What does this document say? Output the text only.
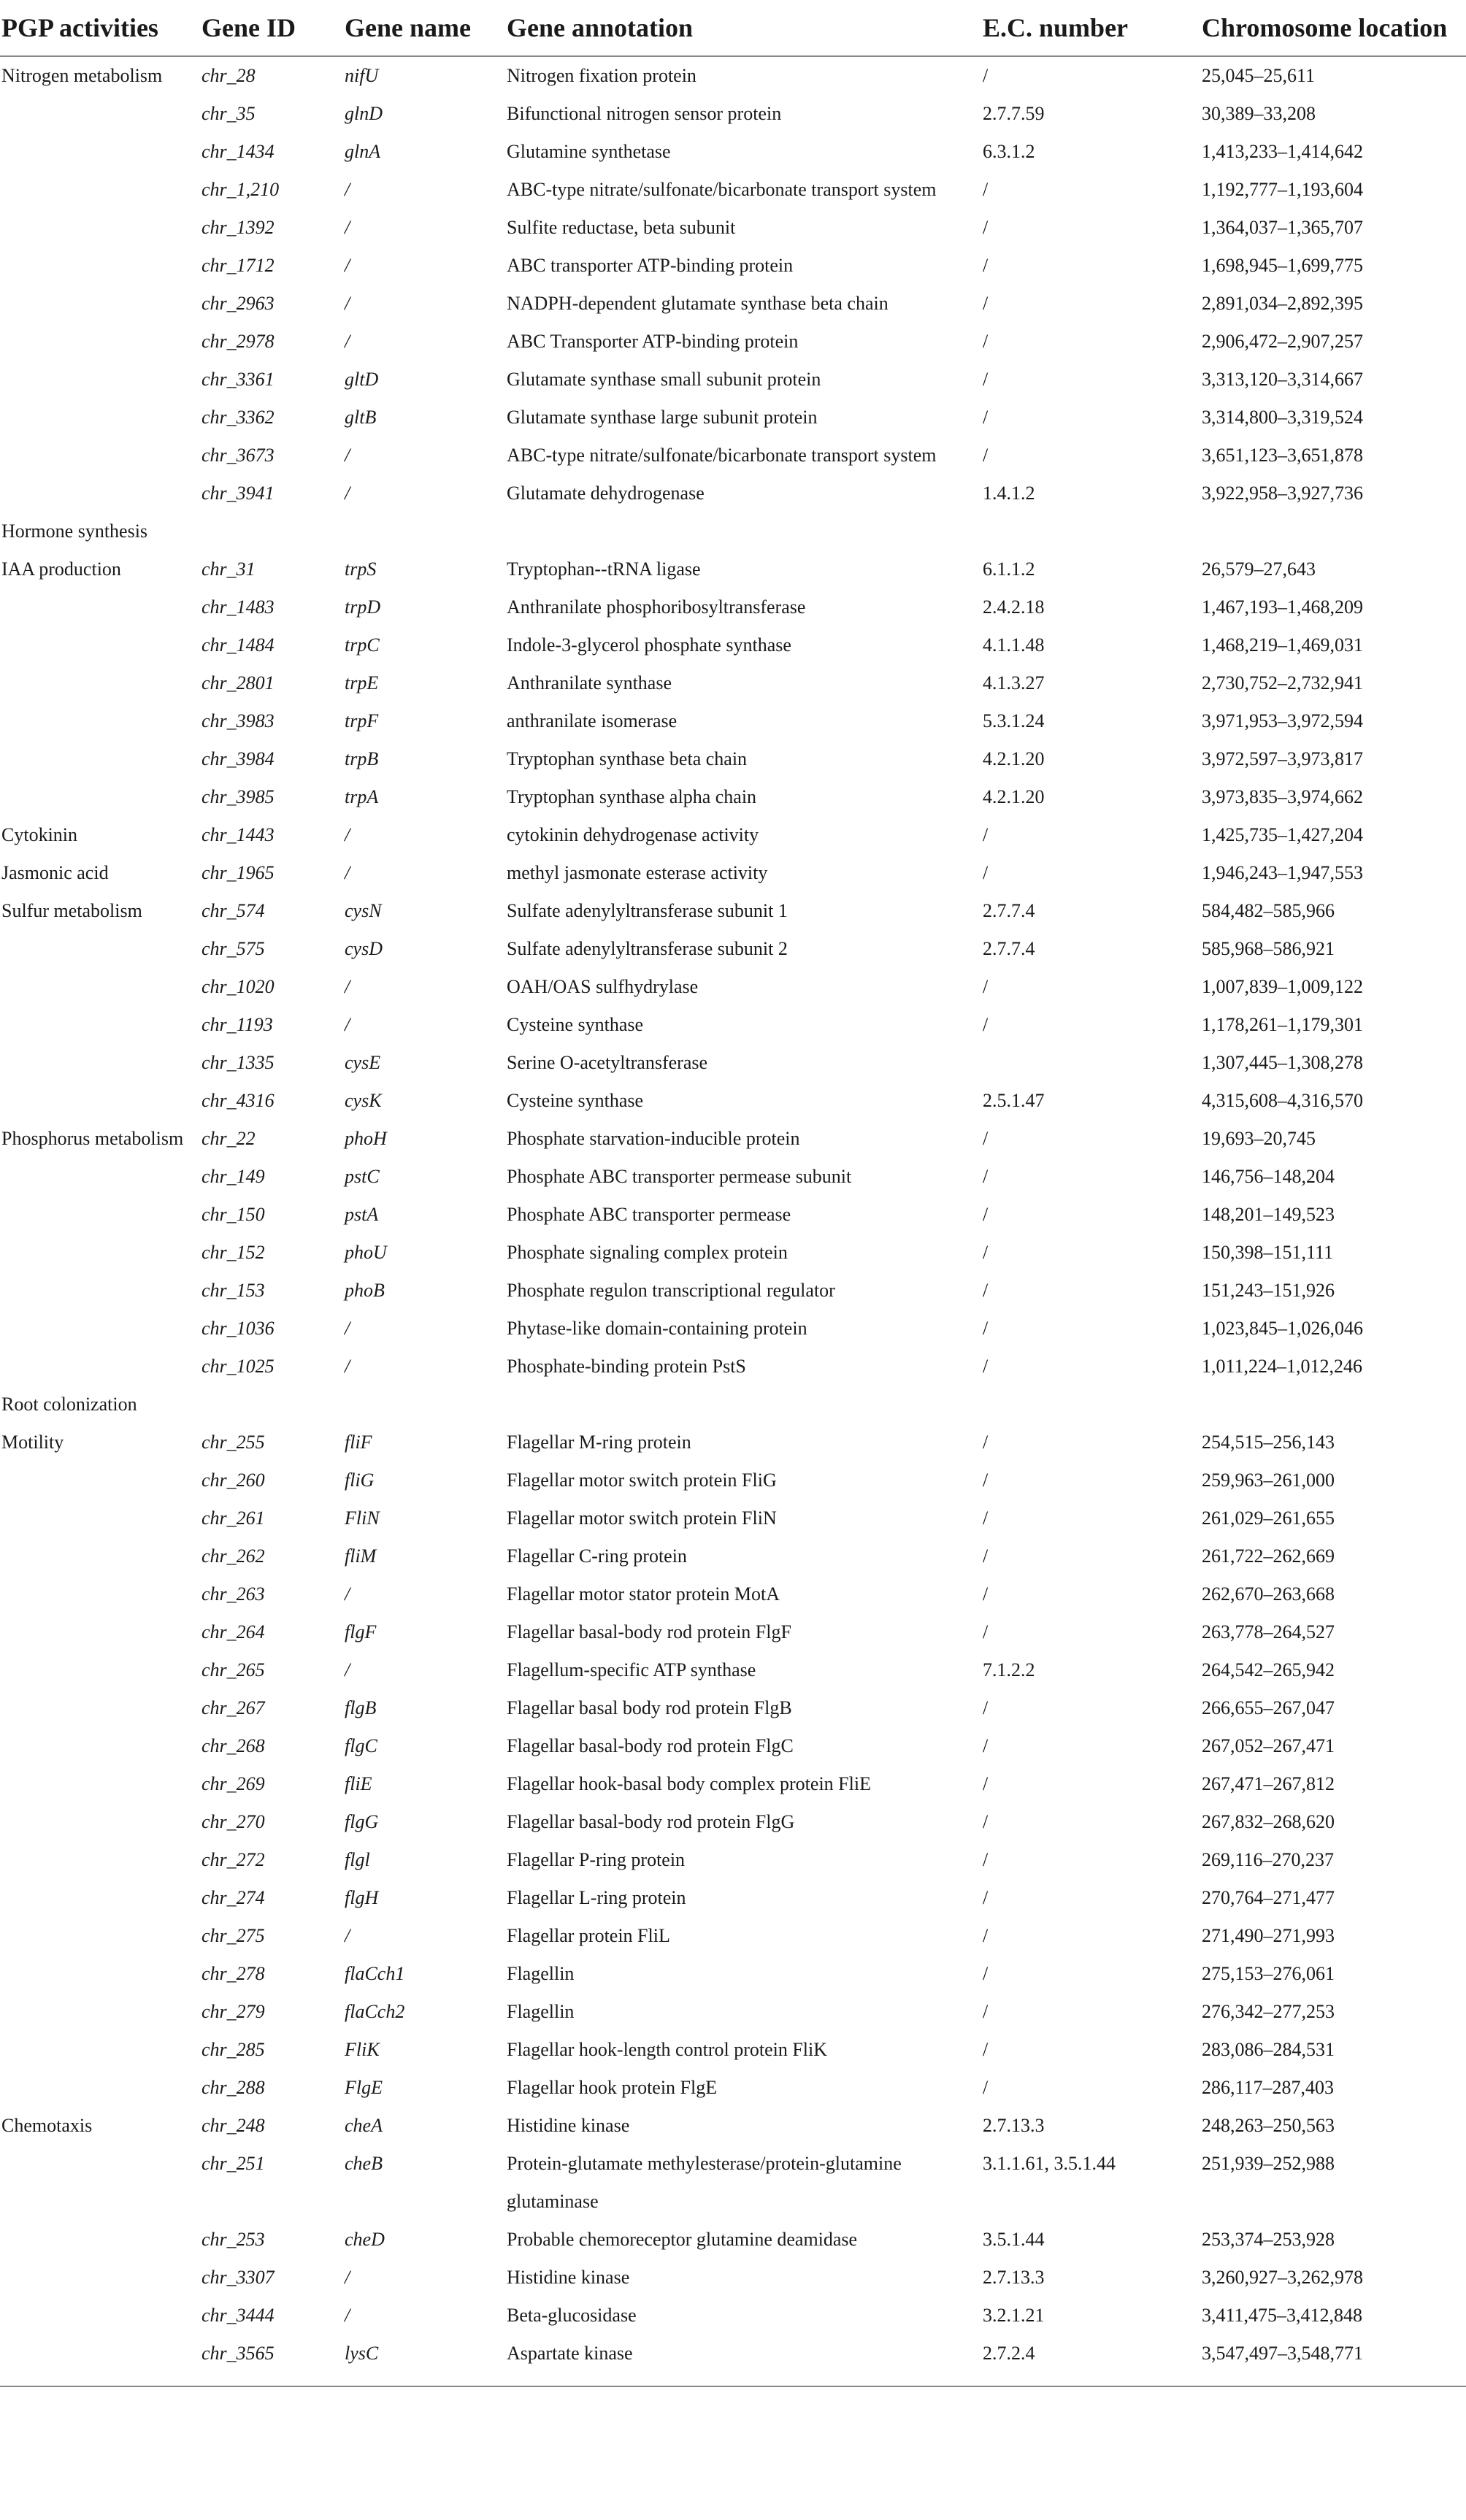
PGP activities	Gene ID	Gene name	Gene annotation	E.C. number	Chromosome location
Nitrogen metabolism	chr_28	nifU	Nitrogen fixation protein	/	25,045–25,611
	chr_35	glnD	Bifunctional nitrogen sensor protein	2.7.7.59	30,389–33,208
	chr_1434	glnA	Glutamine synthetase	6.3.1.2	1,413,233–1,414,642
	chr_1,210	/	ABC-type nitrate/sulfonate/bicarbonate transport system	/	1,192,777–1,193,604
	chr_1392	/	Sulfite reductase, beta subunit	/	1,364,037–1,365,707
	chr_1712	/	ABC transporter ATP-binding protein	/	1,698,945–1,699,775
	chr_2963	/	NADPH-dependent glutamate synthase beta chain	/	2,891,034–2,892,395
	chr_2978	/	ABC Transporter ATP-binding protein	/	2,906,472–2,907,257
	chr_3361	gltD	Glutamate synthase small subunit protein	/	3,313,120–3,314,667
	chr_3362	gltB	Glutamate synthase large subunit protein	/	3,314,800–3,319,524
	chr_3673	/	ABC-type nitrate/sulfonate/bicarbonate transport system	/	3,651,123–3,651,878
	chr_3941	/	Glutamate dehydrogenase	1.4.1.2	3,922,958–3,927,736
Hormone synthesis					
IAA production	chr_31	trpS	Tryptophan--tRNA ligase	6.1.1.2	26,579–27,643
	chr_1483	trpD	Anthranilate phosphoribosyltransferase	2.4.2.18	1,467,193–1,468,209
	chr_1484	trpC	Indole-3-glycerol phosphate synthase	4.1.1.48	1,468,219–1,469,031
	chr_2801	trpE	Anthranilate synthase	4.1.3.27	2,730,752–2,732,941
	chr_3983	trpF	anthranilate isomerase	5.3.1.24	3,971,953–3,972,594
	chr_3984	trpB	Tryptophan synthase beta chain	4.2.1.20	3,972,597–3,973,817
	chr_3985	trpA	Tryptophan synthase alpha chain	4.2.1.20	3,973,835–3,974,662
Cytokinin	chr_1443	/	cytokinin dehydrogenase activity	/	1,425,735–1,427,204
Jasmonic acid	chr_1965	/	methyl jasmonate esterase activity	/	1,946,243–1,947,553
Sulfur metabolism	chr_574	cysN	Sulfate adenylyltransferase subunit 1	2.7.7.4	584,482–585,966
	chr_575	cysD	Sulfate adenylyltransferase subunit 2	2.7.7.4	585,968–586,921
	chr_1020	/	OAH/OAS sulfhydrylase	/	1,007,839–1,009,122
	chr_1193	/	Cysteine synthase	/	1,178,261–1,179,301
	chr_1335	cysE	Serine O-acetyltransferase		1,307,445–1,308,278
	chr_4316	cysK	Cysteine synthase	2.5.1.47	4,315,608–4,316,570
Phosphorus metabolism	chr_22	phoH	Phosphate starvation-inducible protein	/	19,693–20,745
	chr_149	pstC	Phosphate ABC transporter permease subunit	/	146,756–148,204
	chr_150	pstA	Phosphate ABC transporter permease	/	148,201–149,523
	chr_152	phoU	Phosphate signaling complex protein	/	150,398–151,111
	chr_153	phoB	Phosphate regulon transcriptional regulator	/	151,243–151,926
	chr_1036	/	Phytase-like domain-containing protein	/	1,023,845–1,026,046
	chr_1025	/	Phosphate-binding protein PstS	/	1,011,224–1,012,246
Root colonization					
Motility	chr_255	fliF	Flagellar M-ring protein	/	254,515–256,143
	chr_260	fliG	Flagellar motor switch protein FliG	/	259,963–261,000
	chr_261	FliN	Flagellar motor switch protein FliN	/	261,029–261,655
	chr_262	fliM	Flagellar C-ring protein	/	261,722–262,669
	chr_263	/	Flagellar motor stator protein MotA	/	262,670–263,668
	chr_264	flgF	Flagellar basal-body rod protein FlgF	/	263,778–264,527
	chr_265	/	Flagellum-specific ATP synthase	7.1.2.2	264,542–265,942
	chr_267	flgB	Flagellar basal body rod protein FlgB	/	266,655–267,047
	chr_268	flgC	Flagellar basal-body rod protein FlgC	/	267,052–267,471
	chr_269	fliE	Flagellar hook-basal body complex protein FliE	/	267,471–267,812
	chr_270	flgG	Flagellar basal-body rod protein FlgG	/	267,832–268,620
	chr_272	flgl	Flagellar P-ring protein	/	269,116–270,237
	chr_274	flgH	Flagellar L-ring protein	/	270,764–271,477
	chr_275	/	Flagellar protein FliL	/	271,490–271,993
	chr_278	flaCch1	Flagellin	/	275,153–276,061
	chr_279	flaCch2	Flagellin	/	276,342–277,253
	chr_285	FliK	Flagellar hook-length control protein FliK	/	283,086–284,531
	chr_288	FlgE	Flagellar hook protein FlgE	/	286,117–287,403
Chemotaxis	chr_248	cheA	Histidine kinase	2.7.13.3	248,263–250,563
	chr_251	cheB	Protein-glutamate methylesterase/protein-glutamine glutaminase	3.1.1.61, 3.5.1.44	251,939–252,988
	chr_253	cheD	Probable chemoreceptor glutamine deamidase	3.5.1.44	253,374–253,928
	chr_3307	/	Histidine kinase	2.7.13.3	3,260,927–3,262,978
	chr_3444	/	Beta-glucosidase	3.2.1.21	3,411,475–3,412,848
	chr_3565	lysC	Aspartate kinase	2.7.2.4	3,547,497–3,548,771
